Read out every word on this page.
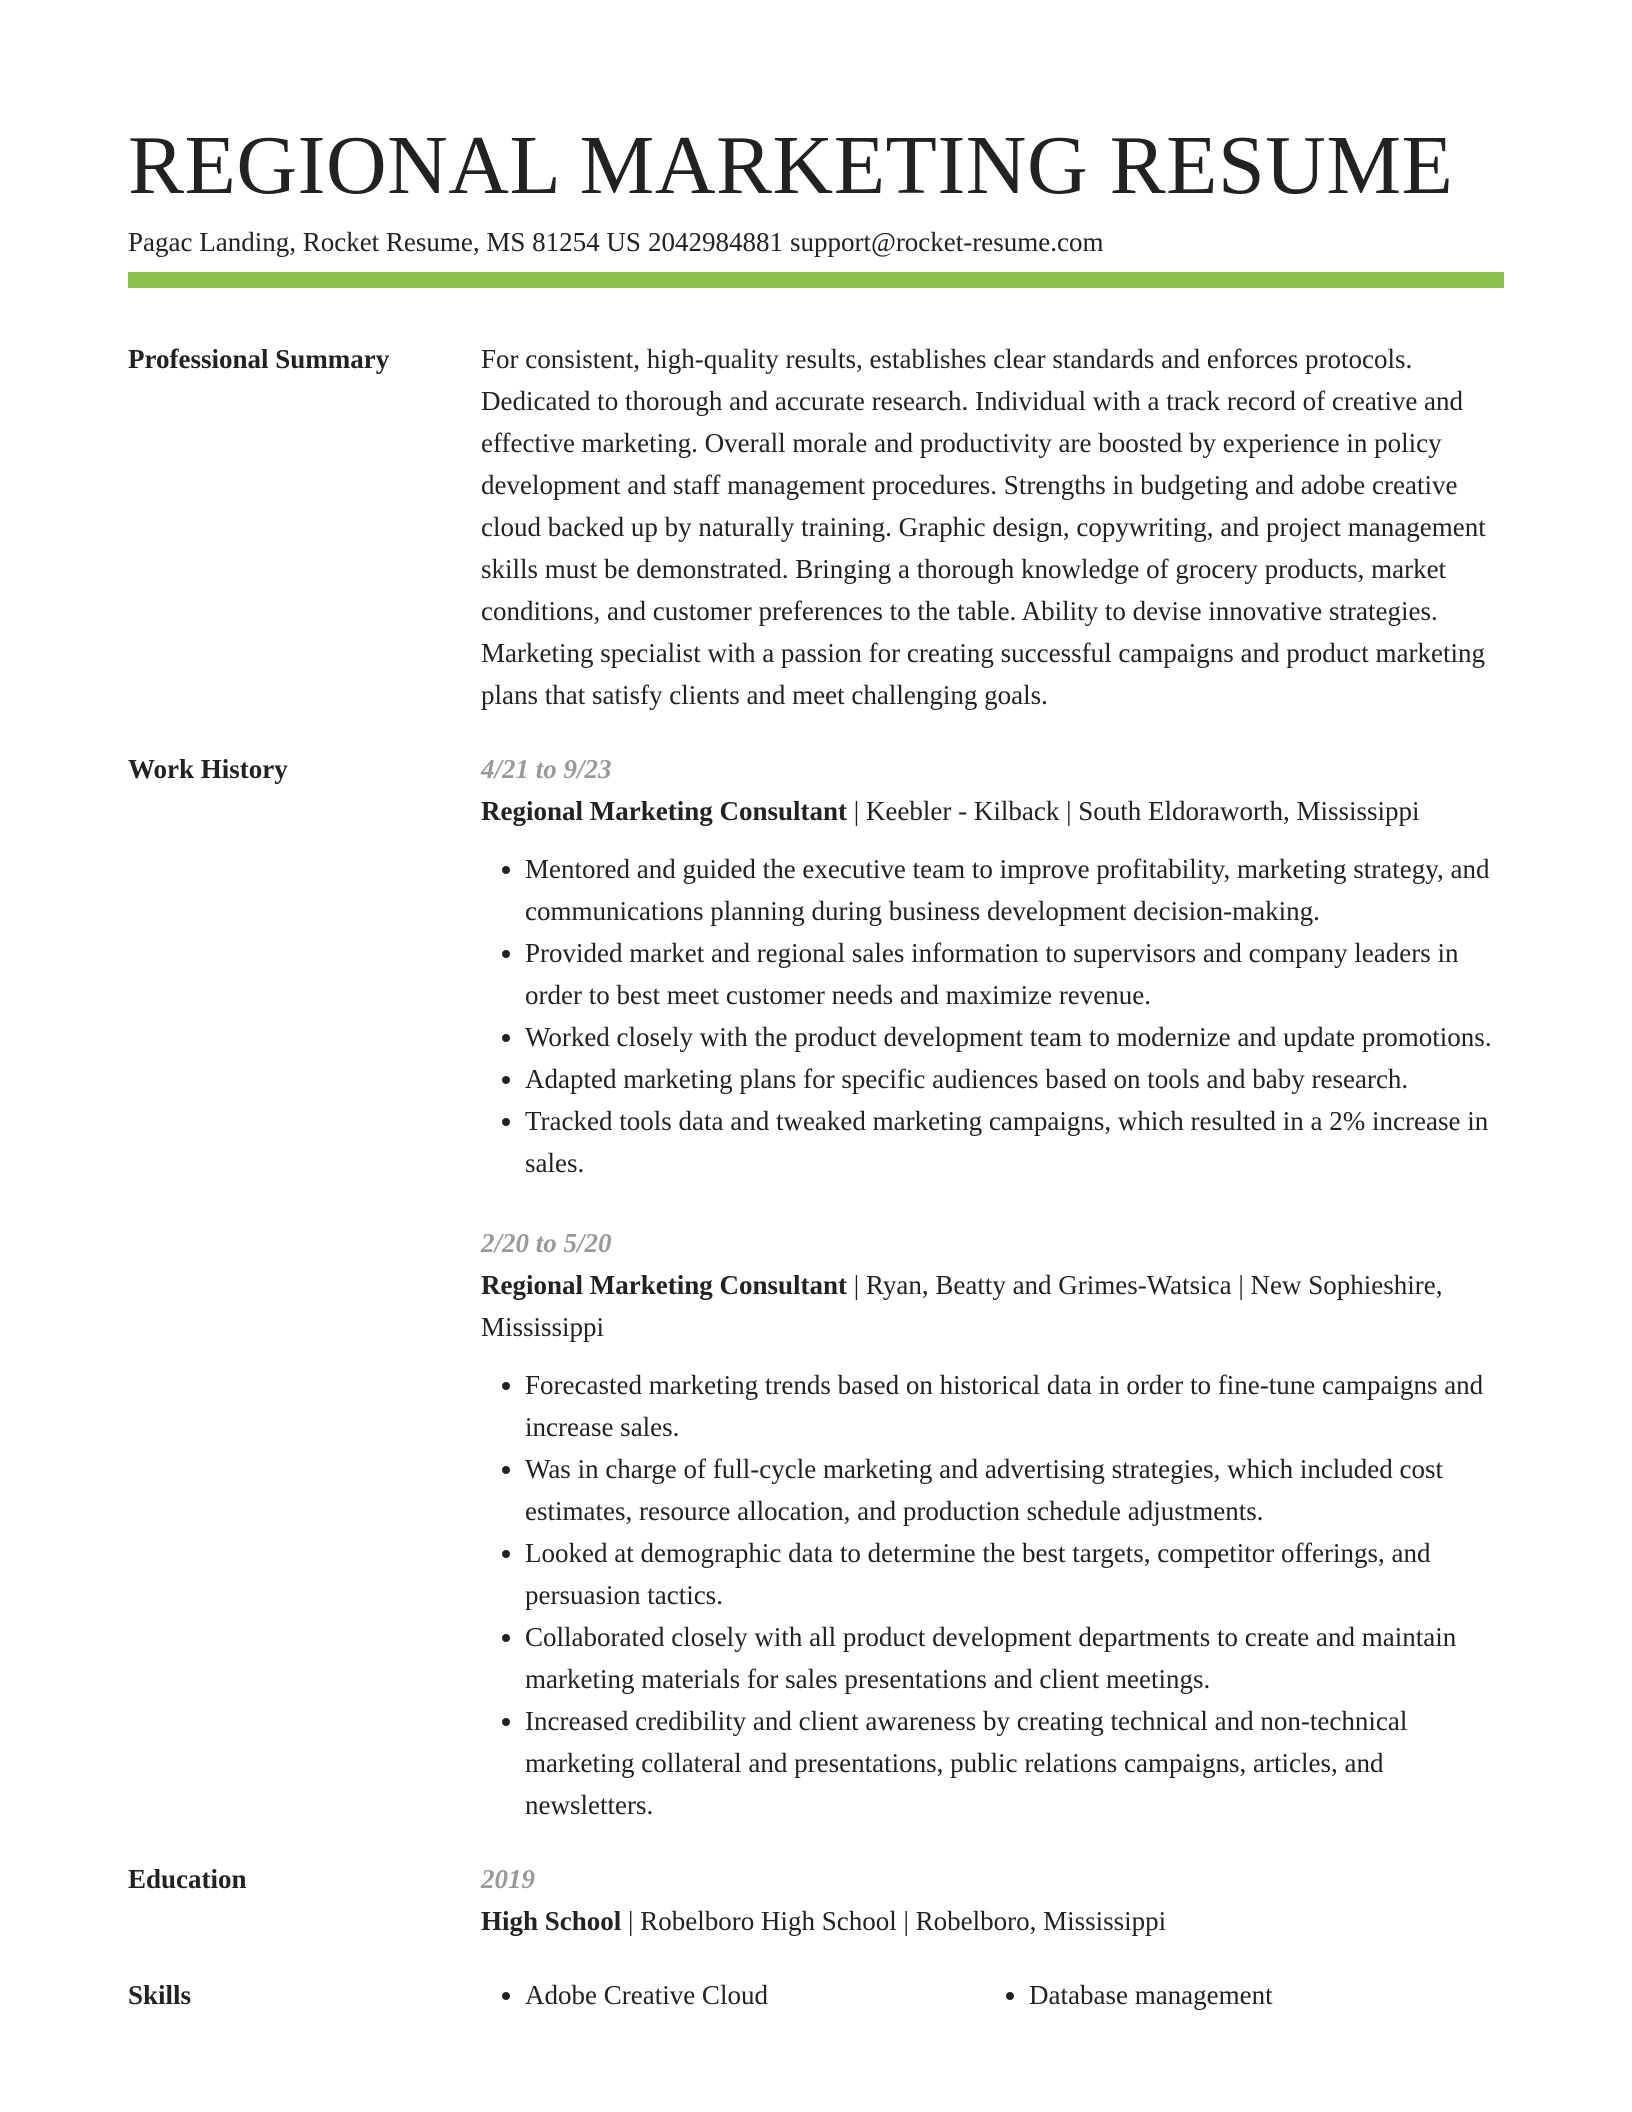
REGIONAL MARKETING RESUME
Pagac Landing, Rocket Resume, MS 81254 US 2042984881 support@rocket-resume.com
Professional Summary	For consistent, high-quality results, establishes clear standards and enforces protocols. Dedicated to thorough and accurate research. Individual with a track record of creative and effective marketing. Overall morale and productivity are boosted by experience in policy development and staff management procedures. Strengths in budgeting and adobe creative cloud backed up by naturally training. Graphic design, copywriting, and project management skills must be demonstrated. Bringing a thorough knowledge of grocery products, market conditions, and customer preferences to the table. Ability to devise innovative strategies. Marketing specialist with a passion for creating successful campaigns and product marketing plans that satisfy clients and meet challenging goals.
Work History	4/21 to 9/23
Regional Marketing Consultant | Keebler - Kilback | South Eldoraworth, Mississippi
• Mentored and guided the executive team to improve profitability, marketing strategy, and communications planning during business development decision-making.
• Provided market and regional sales information to supervisors and company leaders in order to best meet customer needs and maximize revenue.
• Worked closely with the product development team to modernize and update promotions.
• Adapted marketing plans for specific audiences based on tools and baby research.
• Tracked tools data and tweaked marketing campaigns, which resulted in a 2% increase in sales.
2/20 to 5/20
Regional Marketing Consultant | Ryan, Beatty and Grimes-Watsica | New Sophieshire, Mississippi
• Forecasted marketing trends based on historical data in order to fine-tune campaigns and increase sales.
• Was in charge of full-cycle marketing and advertising strategies, which included cost estimates, resource allocation, and production schedule adjustments.
• Looked at demographic data to determine the best targets, competitor offerings, and persuasion tactics.
• Collaborated closely with all product development departments to create and maintain marketing materials for sales presentations and client meetings.
• Increased credibility and client awareness by creating technical and non-technical marketing collateral and presentations, public relations campaigns, articles, and newsletters.
Education	2019
High School | Robelboro High School | Robelboro, Mississippi
Skills	• Adobe Creative Cloud	• Database management
